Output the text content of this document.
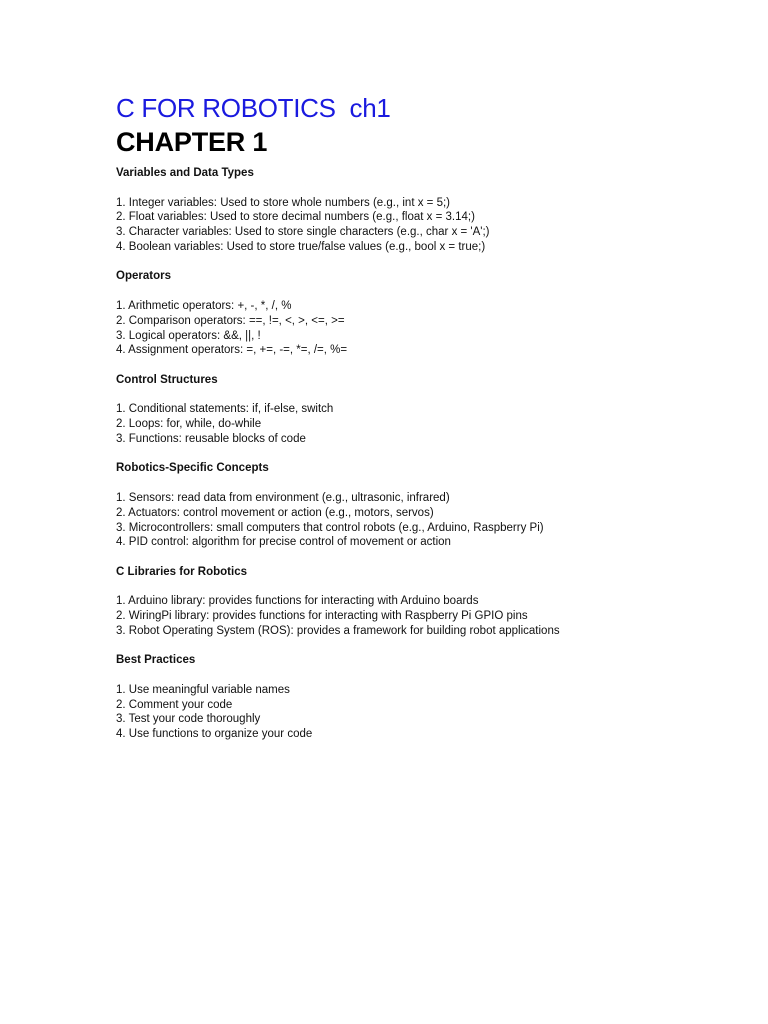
C FOR ROBOTICS  ch1
CHAPTER 1
Variables and Data Types
1. Integer variables: Used to store whole numbers (e.g., int x = 5;)
2. Float variables: Used to store decimal numbers (e.g., float x = 3.14;)
3. Character variables: Used to store single characters (e.g., char x = 'A';)
4. Boolean variables: Used to store true/false values (e.g., bool x = true;)
Operators
1. Arithmetic operators: +, -, *, /, %
2. Comparison operators: ==, !=, <, >, <=, >=
3. Logical operators: &&, ||, !
4. Assignment operators: =, +=, -=, *=, /=, %=
Control Structures
1. Conditional statements: if, if-else, switch
2. Loops: for, while, do-while
3. Functions: reusable blocks of code
Robotics-Specific Concepts
1. Sensors: read data from environment (e.g., ultrasonic, infrared)
2. Actuators: control movement or action (e.g., motors, servos)
3. Microcontrollers: small computers that control robots (e.g., Arduino, Raspberry Pi)
4. PID control: algorithm for precise control of movement or action
C Libraries for Robotics
1. Arduino library: provides functions for interacting with Arduino boards
2. WiringPi library: provides functions for interacting with Raspberry Pi GPIO pins
3. Robot Operating System (ROS): provides a framework for building robot applications
Best Practices
1. Use meaningful variable names
2. Comment your code
3. Test your code thoroughly
4. Use functions to organize your code
